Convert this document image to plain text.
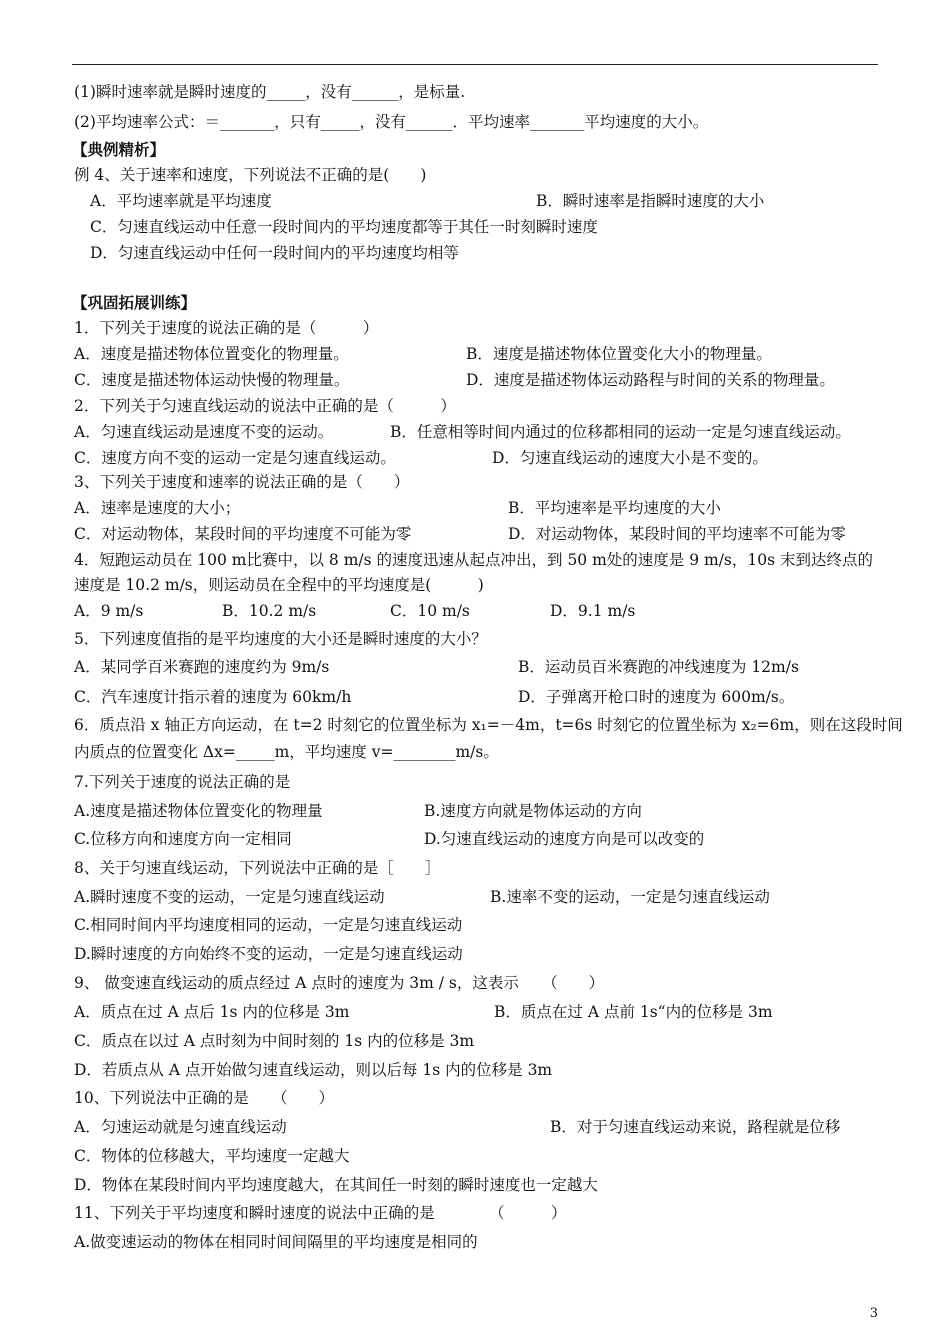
(1)瞬时速率就是瞬时速度的_____，没有______，是标量.
(2)平均速率公式：＝_______，只有_____，没有______．平均速率_______平均速度的大小。
【典例精析】
例 4、关于速率和速度，下列说法不正确的是(　　)
A．平均速率就是平均速度	B．瞬时速率是指瞬时速度的大小
C．匀速直线运动中任意一段时间内的平均速度都等于其任一时刻瞬时速度
D．匀速直线运动中任何一段时间内的平均速度均相等
【巩固拓展训练】
1．下列关于速度的说法正确的是（　　　）
A．速度是描述物体位置变化的物理量。	B．速度是描述物体位置变化大小的物理量。
C．速度是描述物体运动快慢的物理量。	D．速度是描述物体运动路程与时间的关系的物理量。
2．下列关于匀速直线运动的说法中正确的是（　　　）
A．匀速直线运动是速度不变的运动。	B．任意相等时间内通过的位移都相同的运动一定是匀速直线运动。
C．速度方向不变的运动一定是匀速直线运动。	D．匀速直线运动的速度大小是不变的。
3、下列关于速度和速率的说法正确的是（　　）
A．速率是速度的大小；	B．平均速率是平均速度的大小
C．对运动物体，某段时间的平均速度不可能为零	D．对运动物体，某段时间的平均速率不可能为零
4．短跑运动员在 100 m比赛中，以 8 m/s 的速度迅速从起点冲出，到 50 m处的速度是 9 m/s，10s 末到达终点的
速度是 10.2 m/s，则运动员在全程中的平均速度是(　　　)
A．9 m/s	B．10.2 m/s	C．10 m/s	D．9.1 m/s
5．下列速度值指的是平均速度的大小还是瞬时速度的大小？
A．某同学百米赛跑的速度约为 9m/s	B．运动员百米赛跑的冲线速度为 12m/s
C．汽车速度计指示着的速度为 60km/h	D．子弹离开枪口时的速度为 600m/s。
6．质点沿 x 轴正方向运动，在 t=2 时刻它的位置坐标为 x₁=－4m，t=6s 时刻它的位置坐标为 x₂=6m，则在这段时间
内质点的位置变化 Δx=_____m，平均速度 v=________m/s。
7.下列关于速度的说法正确的是
A.速度是描述物体位置变化的物理量	B.速度方向就是物体运动的方向
C.位移方向和速度方向一定相同	D.匀速直线运动的速度方向是可以改变的
8、关于匀速直线运动，下列说法中正确的是［　　］
A.瞬时速度不变的运动，一定是匀速直线运动	B.速率不变的运动，一定是匀速直线运动
C.相同时间内平均速度相同的运动，一定是匀速直线运动
D.瞬时速度的方向始终不变的运动，一定是匀速直线运动
9、 做变速直线运动的质点经过 A 点时的速度为 3m / s，这表示　　（　　）
A．质点在过 A 点后 1s 内的位移是 3m	B．质点在过 A 点前 1s“内的位移是 3m
C．质点在以过 A 点时刻为中间时刻的 1s 内的位移是 3m
D．若质点从 A 点开始做匀速直线运动，则以后每 1s 内的位移是 3m
10、下列说法中正确的是　　（　　）
A．匀速运动就是匀速直线运动	B．对于匀速直线运动来说，路程就是位移
C．物体的位移越大，平均速度一定越大
D．物体在某段时间内平均速度越大，在其间任一时刻的瞬时速度也一定越大
11、下列关于平均速度和瞬时速度的说法中正确的是　　　　（　　　）
A.做变速运动的物体在相同时间间隔里的平均速度是相同的
3
